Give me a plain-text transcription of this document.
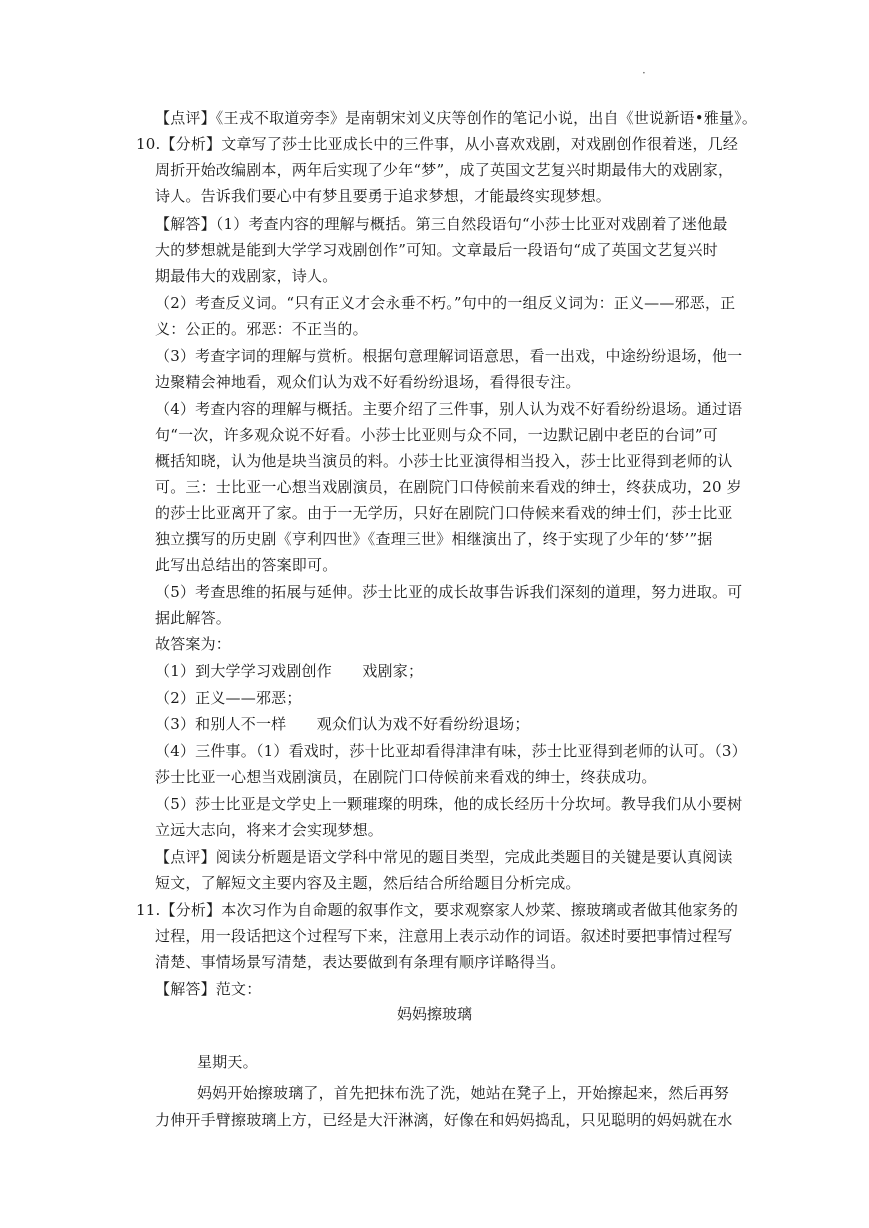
·
【点评】《王戎不取道旁李》是南朝宋刘义庆等创作的笔记小说，出自《世说新语•雅量》。
10.【分析】文章写了莎士比亚成长中的三件事，从小喜欢戏剧，对戏剧创作很着迷，几经
周折开始改编剧本，两年后实现了少年“梦”，成了英国文艺复兴时期最伟大的戏剧家，
诗人。告诉我们要心中有梦且要勇于追求梦想，才能最终实现梦想。
【解答】（1）考查内容的理解与概括。第三自然段语句“小莎士比亚对戏剧着了迷他最
大的梦想就是能到大学学习戏剧创作”可知。文章最后一段语句“成了英国文艺复兴时
期最伟大的戏剧家，诗人。
（2）考查反义词。“只有正义才会永垂不朽。”句中的一组反义词为：正义——邪恶，正
义：公正的。邪恶：不正当的。
（3）考查字词的理解与赏析。根据句意理解词语意思，看一出戏，中途纷纷退场，他一
边聚精会神地看，观众们认为戏不好看纷纷退场，看得很专注。
（4）考查内容的理解与概括。主要介绍了三件事，别人认为戏不好看纷纷退场。通过语
句“一次，许多观众说不好看。小莎士比亚则与众不同，一边默记剧中老臣的台词”可
概括知晓，认为他是块当演员的料。小莎士比亚演得相当投入，莎士比亚得到老师的认
可。三：士比亚一心想当戏剧演员，在剧院门口侍候前来看戏的绅士，终获成功，20 岁
的莎士比亚离开了家。由于一无学历，只好在剧院门口侍候来看戏的绅士们，莎士比亚
独立撰写的历史剧《亨利四世》《查理三世》相继演出了，终于实现了少年的‘梦’”据
此写出总结出的答案即可。
（5）考查思维的拓展与延伸。莎士比亚的成长故事告诉我们深刻的道理，努力进取。可
据此解答。
故答案为：
（1）到大学学习戏剧创作　　戏剧家；
（2）正义——邪恶；
（3）和别人不一样　　观众们认为戏不好看纷纷退场；
（4）三件事。（1）看戏时，莎十比亚却看得津津有味，莎士比亚得到老师的认可。（3）
莎士比亚一心想当戏剧演员，在剧院门口侍候前来看戏的绅士，终获成功。
（5）莎士比亚是文学史上一颗璀璨的明珠，他的成长经历十分坎坷。教导我们从小要树
立远大志向，将来才会实现梦想。
【点评】阅读分析题是语文学科中常见的题目类型，完成此类题目的关键是要认真阅读
短文，了解短文主要内容及主题，然后结合所给题目分析完成。
11.【分析】本次习作为自命题的叙事作文，要求观察家人炒菜、擦玻璃或者做其他家务的
过程，用一段话把这个过程写下来，注意用上表示动作的词语。叙述时要把事情过程写
清楚、事情场景写清楚，表达要做到有条理有顺序详略得当。
【解答】范文：
星期天。
妈妈开始擦玻璃了，首先把抹布洗了洗，她站在凳子上，开始擦起来，然后再努
力伸开手臂擦玻璃上方，已经是大汗淋漓，好像在和妈妈捣乱，只见聪明的妈妈就在水
妈妈擦玻璃
